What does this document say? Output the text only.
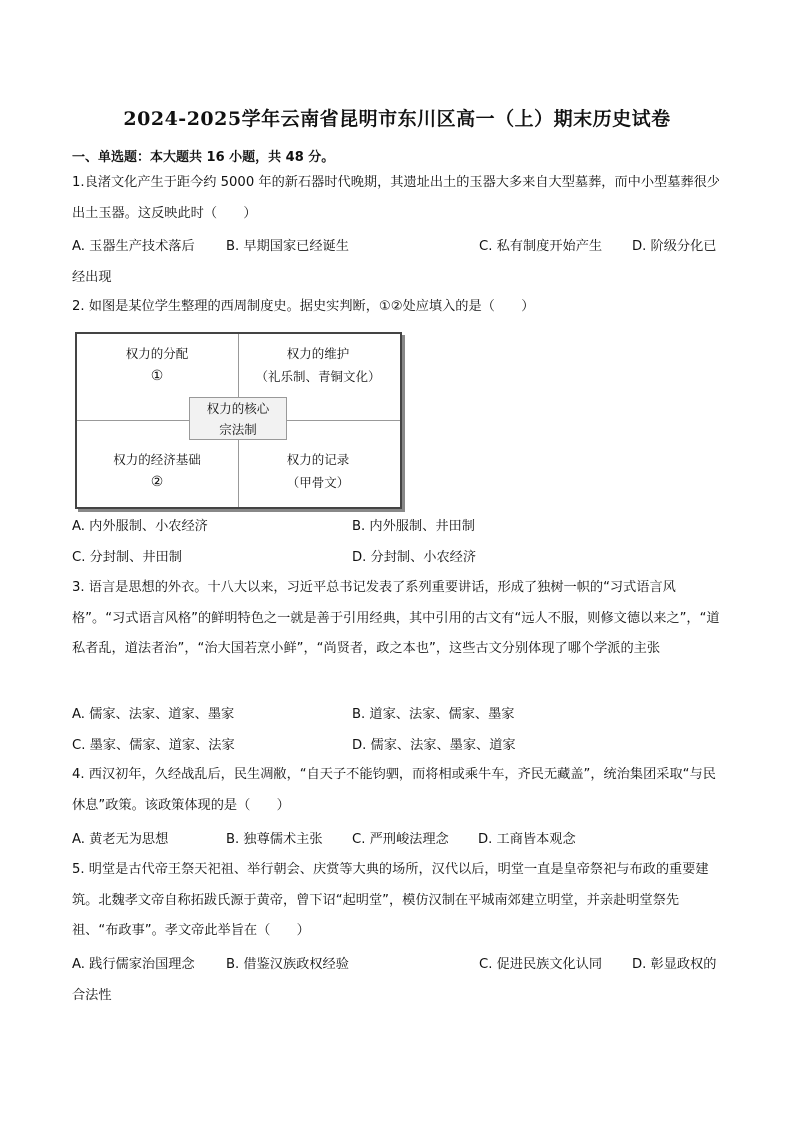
2024-2025学年云南省昆明市东川区高一（上）期末历史试卷
一、单选题：本大题共 16 小题，共 48 分。
1.良渚文化产生于距今约 5000 年的新石器时代晚期，其遗址出土的玉器大多来自大型墓葬，而中小型墓葬很少出土玉器。这反映此时（　　）
A. 玉器生产技术落后 B. 早期国家已经诞生	C. 私有制度开始产生 D. 阶级分化已
经出现
2. 如图是某位学生整理的西周制度史。据史实判断，①②处应填入的是（　　）
权力的分配
①
权力的维护
（礼乐制、青铜文化）
权力的经济基础
②
权力的记录
（甲骨文）
权力的核心
宗法制
A. 内外服制、小农经济	B. 内外服制、井田制
C. 分封制、井田制	D. 分封制、小农经济
3. 语言是思想的外衣。十八大以来，习近平总书记发表了系列重要讲话，形成了独树一帜的“习式语言风格”。“习式语言风格”的鲜明特色之一就是善于引用经典，其中引用的古文有“远人不服，则修文德以来之”，“道私者乱，道法者治”，“治大国若烹小鲜”，“尚贤者，政之本也”，这些古文分别体现了哪个学派的主张
A. 儒家、法家、道家、墨家	B. 道家、法家、儒家、墨家
C. 墨家、儒家、道家、法家	D. 儒家、法家、墨家、道家
4. 西汉初年，久经战乱后，民生凋敝，“自天子不能钧驷，而将相或乘牛车，齐民无藏盖”，统治集团采取“与民休息”政策。该政策体现的是（　　）
A. 黄老无为思想	B. 独尊儒术主张 C. 严刑峻法理念 D. 工商皆本观念
5. 明堂是古代帝王祭天祀祖、举行朝会、庆赏等大典的场所，汉代以后，明堂一直是皇帝祭祀与布政的重要建筑。北魏孝文帝自称拓跋氏源于黄帝，曾下诏“起明堂”，模仿汉制在平城南郊建立明堂，并亲赴明堂祭先祖、“布政事”。孝文帝此举旨在（　　）
A. 践行儒家治国理念 B. 借鉴汉族政权经验	C. 促进民族文化认同 D. 彰显政权的
合法性
